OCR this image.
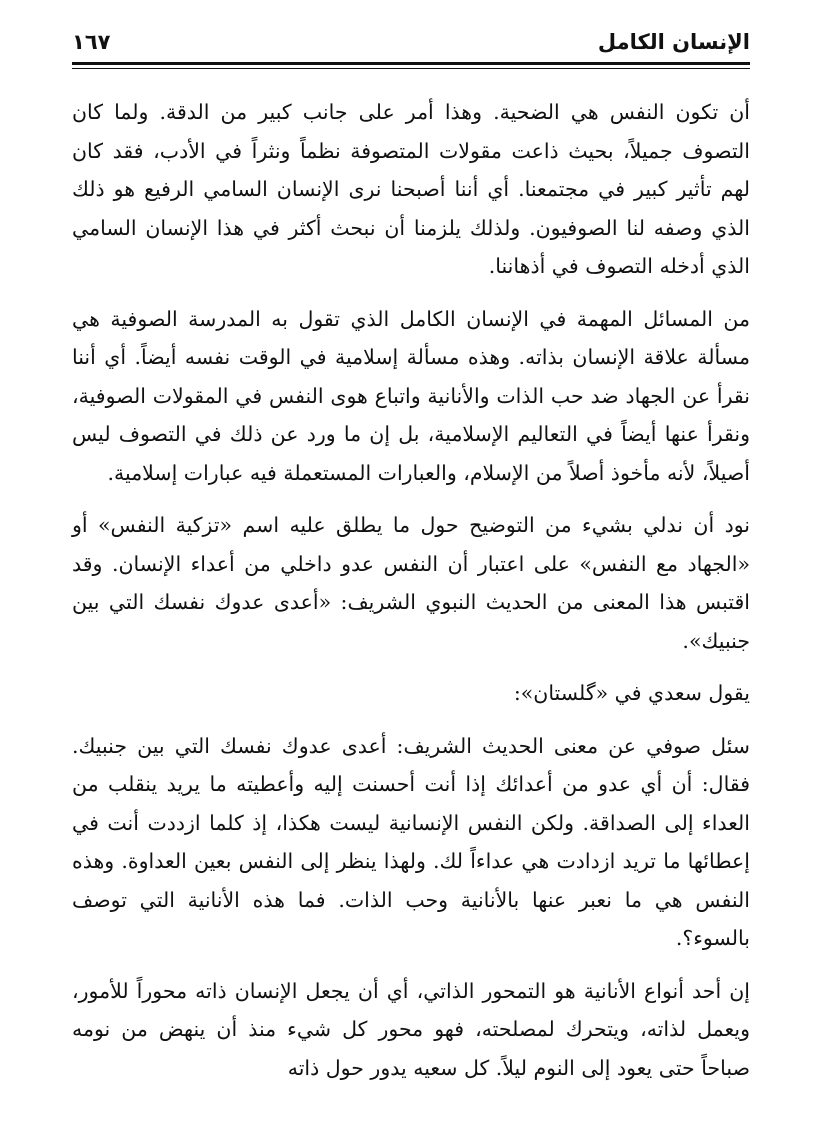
الإنسان الكامل
١٦٧

أن تكون النفس هي الضحية. وهذا أمر على جانب كبير من الدقة. ولما كان التصوف جميلاً، بحيث ذاعت مقولات المتصوفة نظماً ونثراً في الأدب، فقد كان لهم تأثير كبير في مجتمعنا. أي أننا أصبحنا نرى الإنسان السامي الرفيع هو ذلك الذي وصفه لنا الصوفيون. ولذلك يلزمنا أن نبحث أكثر في هذا الإنسان السامي الذي أدخله التصوف في أذهاننا.

من المسائل المهمة في الإنسان الكامل الذي تقول به المدرسة الصوفية هي مسألة علاقة الإنسان بذاته. وهذه مسألة إسلامية في الوقت نفسه أيضاً. أي أننا نقرأ عن الجهاد ضد حب الذات والأنانية واتباع هوى النفس في المقولات الصوفية، ونقرأ عنها أيضاً في التعاليم الإسلامية، بل إن ما ورد عن ذلك في التصوف ليس أصيلاً، لأنه مأخوذ أصلاً من الإسلام، والعبارات المستعملة فيه عبارات إسلامية.

نود أن ندلي بشيء من التوضيح حول ما يطلق عليه اسم «تزكية النفس» أو «الجهاد مع النفس» على اعتبار أن النفس عدو داخلي من أعداء الإنسان. وقد اقتبس هذا المعنى من الحديث النبوي الشريف: «أعدى عدوك نفسك التي بين جنبيك».

يقول سعدي في «گلستان»:

سئل صوفي عن معنى الحديث الشريف: أعدى عدوك نفسك التي بين جنبيك. فقال: أن أي عدو من أعدائك إذا أنت أحسنت إليه وأعطيته ما يريد ينقلب من العداء إلى الصداقة. ولكن النفس الإنسانية ليست هكذا، إذ كلما ازددت أنت في إعطائها ما تريد ازدادت هي عداءاً لك. ولهذا ينظر إلى النفس بعين العداوة. وهذه النفس هي ما نعبر عنها بالأنانية وحب الذات. فما هذه الأنانية التي توصف بالسوء؟.

إن أحد أنواع الأنانية هو التمحور الذاتي، أي أن يجعل الإنسان ذاته محوراً للأمور، ويعمل لذاته، ويتحرك لمصلحته، فهو محور كل شيء منذ أن ينهض من نومه صباحاً حتى يعود إلى النوم ليلاً. كل سعيه يدور حول ذاته
